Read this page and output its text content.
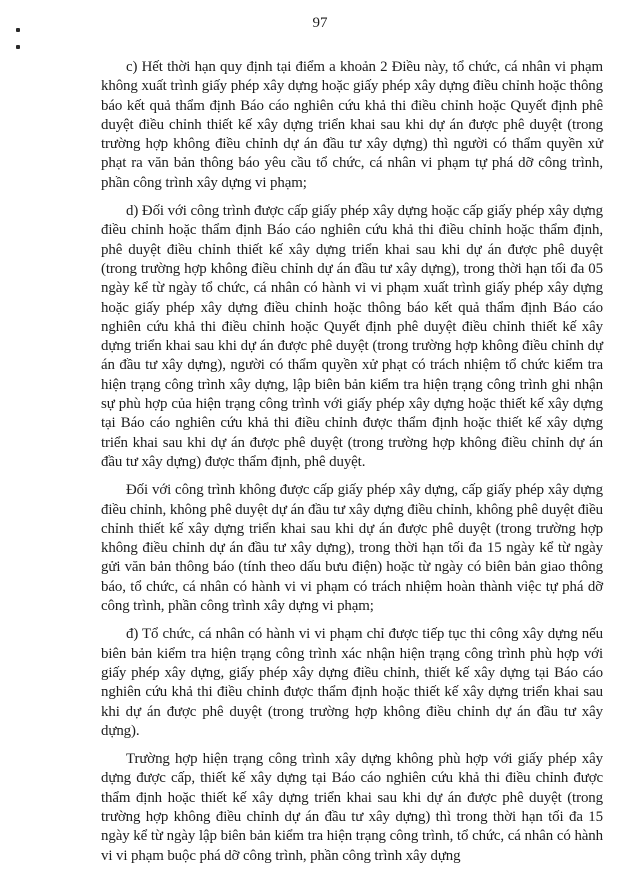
97

c) Hết thời hạn quy định tại điểm a khoản 2 Điều này, tổ chức, cá nhân vi phạm không xuất trình giấy phép xây dựng hoặc giấy phép xây dựng điều chỉnh hoặc thông báo kết quả thẩm định Báo cáo nghiên cứu khả thi điều chỉnh hoặc Quyết định phê duyệt điều chỉnh thiết kế xây dựng triển khai sau khi dự án được phê duyệt (trong trường hợp không điều chỉnh dự án đầu tư xây dựng) thì người có thẩm quyền xử phạt ra văn bản thông báo yêu cầu tổ chức, cá nhân vi phạm tự phá dỡ công trình, phần công trình xây dựng vi phạm;

d) Đối với công trình được cấp giấy phép xây dựng hoặc cấp giấy phép xây dựng điều chỉnh hoặc thẩm định Báo cáo nghiên cứu khả thi điều chỉnh hoặc thẩm định, phê duyệt điều chỉnh thiết kế xây dựng triển khai sau khi dự án được phê duyệt (trong trường hợp không điều chỉnh dự án đầu tư xây dựng), trong thời hạn tối đa 05 ngày kể từ ngày tổ chức, cá nhân có hành vi vi phạm xuất trình giấy phép xây dựng hoặc giấy phép xây dựng điều chỉnh hoặc thông báo kết quả thẩm định Báo cáo nghiên cứu khả thi điều chỉnh hoặc Quyết định phê duyệt điều chỉnh thiết kế xây dựng triển khai sau khi dự án được phê duyệt (trong trường hợp không điều chỉnh dự án đầu tư xây dựng), người có thẩm quyền xử phạt có trách nhiệm tổ chức kiểm tra hiện trạng công trình xây dựng, lập biên bản kiểm tra hiện trạng công trình ghi nhận sự phù hợp của hiện trạng công trình với giấy phép xây dựng hoặc thiết kế xây dựng tại Báo cáo nghiên cứu khả thi điều chỉnh được thẩm định hoặc thiết kế xây dựng triển khai sau khi dự án được phê duyệt (trong trường hợp không điều chỉnh dự án đầu tư xây dựng) được thẩm định, phê duyệt.

Đối với công trình không được cấp giấy phép xây dựng, cấp giấy phép xây dựng điều chỉnh, không phê duyệt dự án đầu tư xây dựng điều chỉnh, không phê duyệt điều chỉnh thiết kế xây dựng triển khai sau khi dự án được phê duyệt (trong trường hợp không điều chỉnh dự án đầu tư xây dựng), trong thời hạn tối đa 15 ngày kể từ ngày gửi văn bản thông báo (tính theo dấu bưu điện) hoặc từ ngày có biên bản giao thông báo, tổ chức, cá nhân có hành vi vi phạm có trách nhiệm hoàn thành việc tự phá dỡ công trình, phần công trình xây dựng vi phạm;

đ) Tổ chức, cá nhân có hành vi vi phạm chỉ được tiếp tục thi công xây dựng nếu biên bản kiểm tra hiện trạng công trình xác nhận hiện trạng công trình phù hợp với giấy phép xây dựng, giấy phép xây dựng điều chỉnh, thiết kế xây dựng tại Báo cáo nghiên cứu khả thi điều chỉnh được thẩm định hoặc thiết kế xây dựng triển khai sau khi dự án được phê duyệt (trong trường hợp không điều chỉnh dự án đầu tư xây dựng).

Trường hợp hiện trạng công trình xây dựng không phù hợp với giấy phép xây dựng được cấp, thiết kế xây dựng tại Báo cáo nghiên cứu khả thi điều chỉnh được thẩm định hoặc thiết kế xây dựng triển khai sau khi dự án được phê duyệt (trong trường hợp không điều chỉnh dự án đầu tư xây dựng) thì trong thời hạn tối đa 15 ngày kể từ ngày lập biên bản kiểm tra hiện trạng công trình, tổ chức, cá nhân có hành vi vi phạm buộc phá dỡ công trình, phần công trình xây dựng
